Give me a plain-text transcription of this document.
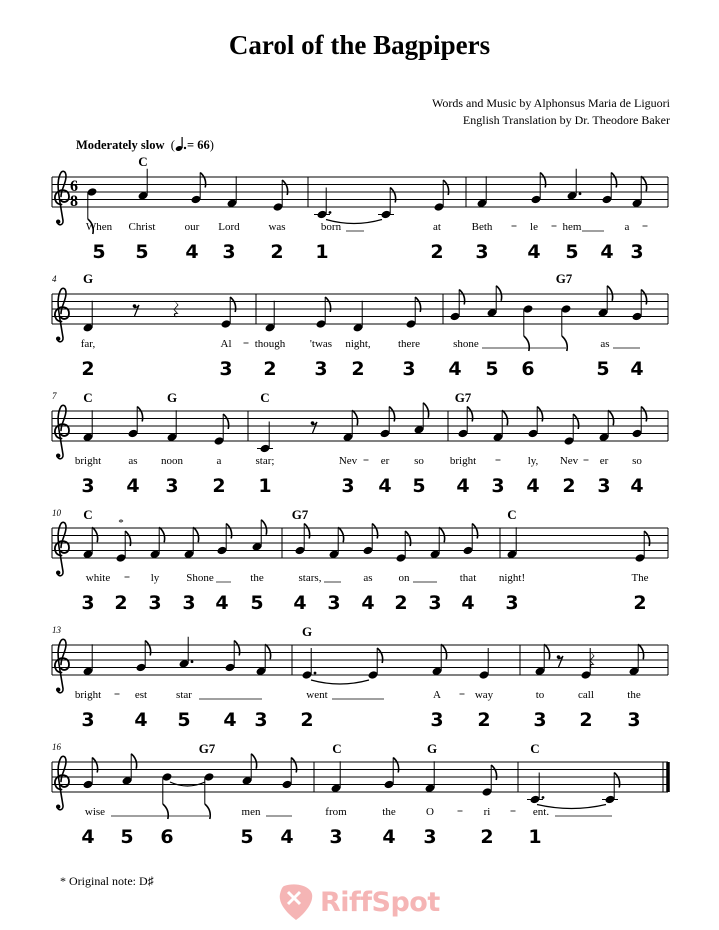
Carol of the Bagpipers
Words and Music by Alphonsus Maria de Liguori
English Translation by Dr. Theodore Baker
Moderately slow  ( = 66)
6
8
*
C
When Christ	our Lord	was	born	at	Beth	le hem	a
5 5 4 3 2 1	2 3 4 5 4 3
4 G	G7
far,	Al though 'twas night, there	shone	as
2	3 2 3 2 3 4 5 6	5 4
7 C	G	C	G7
bright as noon	a	star;	Nev er so bright	ly, Nev er so
3 4 3 2 1	3 4 5 4 3 4 2 3 4
10 C	G7	C
white	ly Shone	the	stars,	as on	that night!	The
3 2 3 3 4 5 4 3 4 2 3 4 3	2
13	G
bright	est	star	went	A	way	to	call	the
3 4 5 4 3 2	3 2 3 2 3
16	G7	C	G	C
wise	men	from	the	O	ri	ent.
4 5 6	5 4 3 4 3 2 1
* Original note: D♯
RiffSpot
